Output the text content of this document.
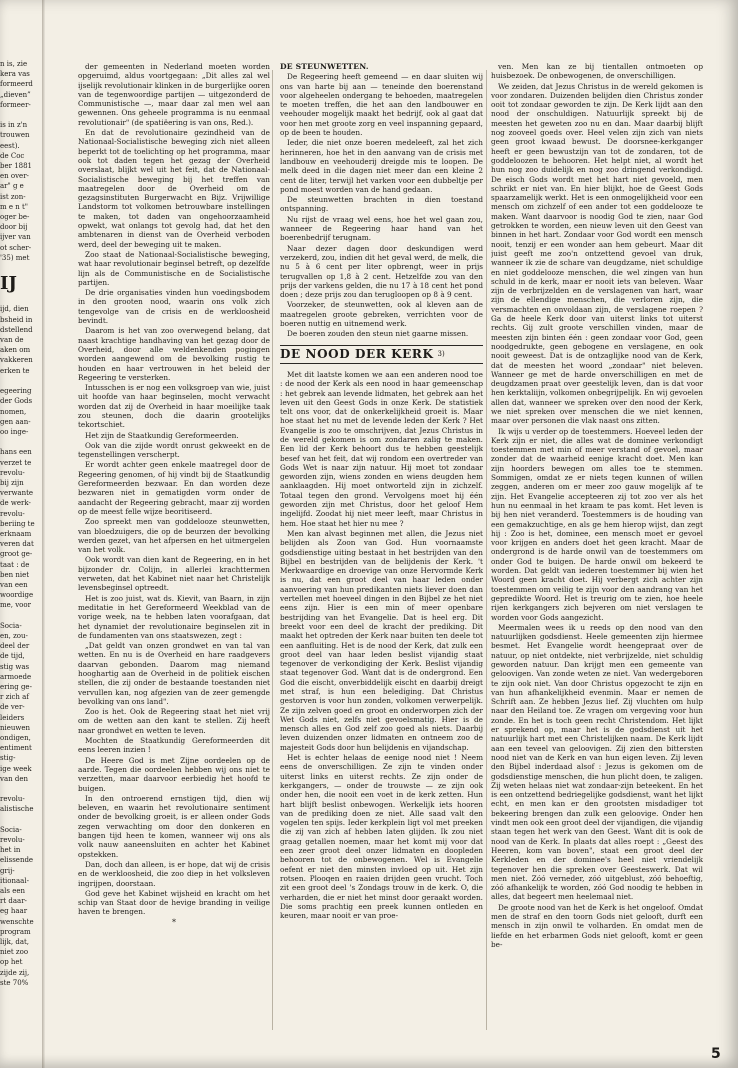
n is, zie

kera vas

formeerd

„dieven”

formeer-

is in z'n

trouwen

eest).

de Coc

ber 1881

en over-

ar" g e

ist zon-

m e n t"

oger be-

door bij

ijver van

ot scher-

'35) met

IJ

ijd, dien

bsheid in

dstellend

van de

aken om

vakkeren

erken te

egeering

der Gods

nomen,

gen aan-

oo inge-

hans een

verzet te

revolu-

bij zijn

verwante

de werk-

revolu-

beriing te

erknaam

veren dat

groot ge-

taat : de

ben niet

van een

woordige

me, voor

Socia-

en, zou-

deel der

de tijd,

stig was

armoede

ering ge-

r zich af

de ver-

leiders

nieuwen

ondigen,

entiment

stig-

ige week

van den

revolu-

alistische

Socia-

revolu-

het in

elissende

grij-

itionaal-

als een

rt daar-

eg haar

wenschte

program

lijk, dat,

niet zoo

op het

zijde zij,

ste 70%

der gemeenten in Nederland moeten worden opgeruimd, aldus voortgegaan: „Dit alles zal wel ijselijk revolutionair klinken in de burgerlijke ooren van de tegenwoordige partijen — uitgezonderd de Communistische —, maar daar zal men wel aan gewennen. Ons geheele programma is nu eenmaal revolutionair" (de spatiëering is van ons, Red.).

En dat de revolutionaire gezindheid van de Nationaal-Socialistische beweging zich niet alleen beperkt tot de toelichting op het programma, maar ook tot daden tegen het gezag der Overheid overslaat, blijkt wel uit het feit, dat de Nationaal-Socialistische beweging bij het treffen van maatregelen door de Overheid om de gezagsinstituten Burgerwacht en Bijz. Vrijwillige Landstorm tot volkomen betrouwbare instellingen te maken, tot daden van ongehoorzaamheid opwekt, wat onlangs tot gevolg had, dat het den ambtenaren in dienst van de Overheid verboden werd, deel der beweging uit te maken.

Zoo staat de Nationaal-Socialistische beweging, wat haar revolutionair beginsel betreft, op dezelfde lijn als de Communistische en de Socialistische partijen.

De drie organisaties vinden hun voedingsbodem in den grooten nood, waarin ons volk zich tengevolge van de crisis en de werkloosheid bevindt.

Daarom is het van zoo overwegend belang, dat naast krachtige handhaving van het gezag door de Overheid, door alle weldenkenden pogingen worden aangewend om de bevolking rustig te houden en haar vertrouwen in het beleid der Regeering te versterken.

Intusschen is er nog een volksgroep van wie, juist uit hoofde van haar beginselen, mocht verwacht worden dat zij de Overheid in haar moeilijke taak zou steunen, doch die daarin grootelijks tekortschiet.

Het zijn de Staatkundig Gereformeerden.

Ook van die zijde wordt onrust gekweekt en de tegenstellingen verscherpt.

Er wordt achter geen enkele maatregel door de Regeering genomen, of hij vindt bij de Staatkundig Gereformeerden bezwaar. En dan worden deze bezwaren niet in gematigden vorm onder de aandacht der Regeering gebracht, maar zij worden op de meest felle wijze beoritiseerd.

Zoo spreekt men van goddelooze steunwetten, van bloedzuigers, die op de beurzen der bevolking werden gezet, van het afpersen en het uitmergelen van het volk.

Ook wordt van dien kant de Regeering, en in het bijzonder dr. Colijn, in allerlei krachttermen verweten, dat het Kabinet niet naar het Christelijk levensbeginsel optreedt.

Het is zoo juist, wat ds. Kievit, van Baarn, in zijn meditatie in het Gereformeerd Weekblad van de vorige week, na te hebben laten voorafgaan, dat het dynamiet der revolutionaire beginselen zit in de fundamenten van ons staatswezen, zegt :

„Dat geldt van onzen grondwet en van tal van wetten. En nu is de Overheid en hare raadgevers daarvan gebonden. Daarom mag niemand hooghartig aan de Overheid in de politiek eischen stellen, die zij onder de bestaande toestanden niet vervullen kan, nog afgezien van de zeer gemengde bevolking van ons land".

Zoo is het. Ook de Regeering staat het niet vrij om de wetten aan den kant te stellen. Zij heeft naar grondwet en wetten te leven.

Mochten de Staatkundig Gereformeerden dit eens leeren inzien !

De Heere God is met Zijne oordeelen op de aarde. Tegen die oordeelen hebben wij ons niet te verzetten, maar daarvoor eerbiedig het hoofd te buigen.

In den ontroerend ernstigen tijd, dien wij beleven, en waarin het revolutionaire sentiment onder de bevolking groeit, is er alleen onder Gods zegen verwachting om door den donkeren en bangen tijd heen te komen, wanneer wij ons als volk nauw aaneensluiten en achter het Kabinet opstekken.

Dan, doch dan alleen, is er hope, dat wij de crisis en de werkloosheid, die zoo diep in het volksleven ingrijpen, doorstaan.

God geve het Kabinet wijsheid en kracht om het schip van Staat door de hevige branding in veilige haven te brengen.

*

DE STEUNWETTEN.

De Regeering heeft gemeend — en daar sluiten wij ons van harte bij aan — teneinde den boerenstand voor algeheelen ondergang te behoeden, maatregelen te moeten treffen, die het aan den landbouwer en veehouder mogelijk maakt het bedrijf, ook al gaat dat voor hen met groote zorg en veel inspanning gepaard, op de been te houden.

Ieder, die niet onze boeren medeleeft, zal het zich herinneren, hoe het in den aanvang van de crisis met landbouw en veehouderij dreigde mis te loopen. De melk deed in die dagen niet meer dan een kleine 2 cent de liter, terwijl het varken voor een dubbeltje per pond moest worden van de hand gedaan.

De steunwetten brachten in dien toestand ontspanning.

Nu rijst de vraag wel eens, hoe het wel gaan zou, wanneer de Regeering haar hand van het boerenbedrijf terugnam.

Naar dezer dagen door deskundigen werd verzekerd, zou, indien dit het geval werd, de melk, die nu 5 à 6 cent per liter opbrengt, weer in prijs terugvallen op 1,8 à 2 cent. Hetzelfde zou van den prijs der varkens gelden, die nu 17 à 18 cent het pond doen ; deze prijs zou dan terugloopen op 8 à 9 cent.

Voorzeker, de steunwetten, ook al kleven aan de maatregelen groote gebreken, verrichten voor de boeren nuttig en uitnemend werk.

De boeren zouden den steun niet gaarne missen.

DE NOOD DER KERK 3)

Met dit laatste komen we aan een anderen nood toe : de nood der Kerk als een nood in haar gemeenschap : het gebrek aan levende lidmaten, het gebrek aan het leven uit den Geest Gods in onze Kerk. De statistiek telt ons voor, dat de onkerkelijkheid groeit is. Maar hoe staat het nu met de levende leden der Kerk ? Het Evangelie is zoo te omschrijven, dat Jezus Christus in de wereld gekomen is om zondaren zalig te maken. Een lid der Kerk behoort dus te hebben geestelijk besef van het feit, dat wij rondom een overtreder van Gods Wet is naar zijn natuur. Hij moet tot zondaar geworden zijn, wiens zonden en wiens deugden hem aanklaagden. Hij moet ontworteld zijn in zichzelf. Totaal tegen den grond. Vervolgens moet hij één geworden zijn met Christus, door het geloof Hem ingelijfd. Zoodat hij niet meer leeft, maar Christus in hem. Hoe staat het hier nu mee ?

Men kan alvast beginnen met allen, die Jezus niet belijden als Zoon van God. Hun voornaamste godsdienstige uiting bestaat in het bestrijden van den Bijbel en bestrijden van de belijdenis der Kerk. 't Merkwaardige en droevige van onze Hervormde Kerk is nu, dat een groot deel van haar leden onder aanvoering van hun predikanten niets liever doen dan vertellen met hoeveel dingen in den Bijbel ze het niet eens zijn. Hier is een min of meer openbare bestrijding van het Evangelie. Dat is heel erg. Dit breekt voor een deel de kracht der prediking. Dit maakt het optreden der Kerk naar buiten ten deele tot een aanfluiting. Het is de nood der Kerk, dat zulk een groot deel van haar leden beslist vijandig staat tegenover de verkondiging der Kerk. Beslist vijandig staat tegenover God. Want dat is de ondergrond. Een God die eischt, onverbiddelijk eischt en daarbij dreigt met straf, is hun een belediging. Dat Christus gestorven is voor hun zonden, volkomen verwerpelijk. Ze zijn zelven goed en groot en onderworpen zich der Wet Gods niet, zelfs niet gevoelsmatig. Hier is de mensch alles en God zelf zoo goed als niets. Daarbij leven duizenden onzer lidmaten en ontneem zoo de majesteit Gods door hun belijdenis en vijandschap.

Het is echter helaas de eenige nood niet ! Neem eens de onverschilligen. Ze zijn te vinden onder uiterst links en uiterst rechts. Ze zijn onder de kerkgangers, — onder de trouwste — ze zijn ook onder hen, die nooit een voet in de kerk zetten. Hun hart blijft beslist onbewogen. Werkelijk iets hooren van de prediking doen ze niet. Alle saad valt den vogelen ten spijs. Ieder kerkplein ligt vol met preeken die zij van zich af hebben laten glijden. Ik zou niet graag getallen noemen, maar het komt mij voor dat een zeer groot deel onzer lidmaten en doopleden behooren tot de onbewogenen. Wel is Evangelie oefent er niet den minsten invloed op uit. Het zijn rotsen. Plooqen en raaien drijden geen vrucht. Toch zit een groot deel 's Zondags trouw in de kerk. O, die verharden, die er niet het minst door geraakt worden. Die soms prachtig een preek kunnen ontleden en keuren, maar nooit er van proe-

ven. Men kan ze bij tientallen ontmoeten op huisbezoek. De onbewogenen, de onverschilligen.

We zeiden, dat Jezus Christus in de wereld gekomen is voor zondaren. Duizenden belijden dien Christus zonder ooit tot zondaar geworden te zijn. De Kerk lijdt aan den nood der onschuldigen. Natuurlijk spreekt bij de meesten het geweten zoo nu en dan. Maar daarbij blijft nog zooveel goeds over. Heel velen zijn zich van niets geen groot kwaad bewust. De doorsnee-kerkganger heeft er geen bewustzijn van tot de zondaren, tot de goddeloozen te behooren. Het helpt niet, al wordt het hun nog zoo duidelijk en nog zoo dringend verkondigd. De eisch Gods wordt met het hart niet gevoeld, men schrikt er niet van. En hier blijkt, hoe de Geest Gods spaarzamelijk werkt. Het is een onmogelijkheid voor een mensch om zichzelf of een ander tot een goddelooze te maken. Want daarvoor is noodig God te zien, naar God getrokken te worden, een nieuw leven uit den Geest van binnen in het hart. Zondaar voor God wordt een mensch nooit, tenzij er een wonder aan hem gebeurt. Maar dit juist geeft me zoo'n ontzettend gevoel van druk, wanneer ik zie de schare van deugdzame, niet schuldige en niet goddelooze menschen, die wel zingen van hun schuld in de kerk, maar er nooit iets van beleven. Waar zijn de verbrijzelden en de verslagenen van hart, waar zijn de ellendige menschen, die verloren zijn, die versmachten en onvoldaan zijn, de verslagene roepen ? Ga de heele Kerk door van uiterst links tot uiterst rechts. Gij zult groote verschillen vinden, maar de meesten zijn binten één : geen zondaar voor God, geen noodgedrukte, geen gebogene en verslagene, en ook nooit geweest. Dat is de ontzaglijke nood van de Kerk, dat de meesten het woord „zondaar" niet beleven. Wanneer ge met de harde onverschilligen en met de deugdzamen praat over geestelijk leven, dan is dat voor hen kerktaliijn, volkomen onbegrijpelijk. En wij gevoelen allen dat, wanneer we spreken over den nood der Kerk, we niet spreken over menschen die we niet kennen, maar over personen die vlak naast ons zitten.

Ik wijs u verder op de toestemmers. Hoeveel leden der Kerk zijn er niet, die alles wat de dominee verkondigt toestemmen met min of meer verstand of gevoel, maar zonder dat de waarheid eenige kracht doet. Men kan zijn hoorders bewegen om alles toe te stemmen. Sommigen, omdat ze er niets tegen kunnen of willen zeggen, anderen om er meer zoo gauw mogelijk af te zijn. Het Evangelie accepteeren zij tot zoo ver als het hun nu eenmaal in het kraam te pas komt. Het leven is bij hen niet veranderd. Toestemmers is de houding van een gemakzuchtige, en als ge hem hierop wijst, dan zegt hij : Zoo is het, dominee, een mensch moet er gevoel voor krijgen en anders doet het geen kracht. Maar de ondergrond is de harde onwil van de toestemmers om onder God te buigen. De harde onwil om bekeerd te worden. Dat geldt van iederen toestemmer bij wien het Woord geen kracht doet. Hij verbergt zich achter zijn toestemmen om veilig te zijn voor den aandrang van het gepredikte Woord. Het is treurig om te zien, hoe heele rijen kerkgangers zich bejveren om niet verslagen te worden voor Gods aangezicht.

Meermalen wees ik u reeds op den nood van den natuurlijken godsdienst. Heele gemeenten zijn hiermee besmet. Het Evangelie wordt heengepraat over de natuur, op niet ontdekte, niet verbrijzelde, niet schuldig geworden natuur. Dan krijgt men een gemeente van geloovigen. Van zonde weten ze niet. Van wedergeboren te zijn ook niet. Van door Christus opgezocht te zijn en van hun afhankelijkheid evenmin. Maar er nemen de Schrift aan. Ze hebben Jezus lief. Zij vluchten om hulp naar den Heiland toe. Ze vragen om vergeving voor hun zonde. En het is toch geen recht Christendom. Het lijkt er sprekend op, maar het is de godsdienst uit het natuurlijk hart met een Christelijken naam. De Kerk lijdt aan een teveel van geloovigen. Zij zien den bittersten nood niet van de Kerk en van hun eigen leven. Zij leven den Bijbel inderdaad alsof : Jezus is gekomen om de godsdienstige menschen, die hun plicht doen, te zaligen. Zij weten helaas niet wat zondaar-zijn beteekent. En het is een ontzettend bedriegelijke godsdienst, want het lijkt echt, en men kan er den grootsten misdadiger tot bekeering brengen dan zulk een geloovige. Onder hen vindt men ook een groot deel der vijandigen, die vijandig staan tegen het werk van den Geest. Want dit is ook de nood van de Kerk. In plaats dat alles roept : „Geest des Heeren, kom van boven", staat een groot deel der Kerkleden en der dominee's heel niet vriendelijk tegenover hen die spreken over Geesteswerk. Dat wil men niet. Zóó verneder, zóó uitgeblust, zóó behoeftig, zóó afhankelijk te worden, zóó God noodig te hebben in alles, dat begeert men heelemaal niet.

De groote nood van het de Kerk is het ongeloof. Omdat men de straf en den toorn Gods niet gelooft, durft een mensch in zijn onwil te volharden. En omdat men de liefde en het erbarmen Gods niet gelooft, komt er geen be-

5
